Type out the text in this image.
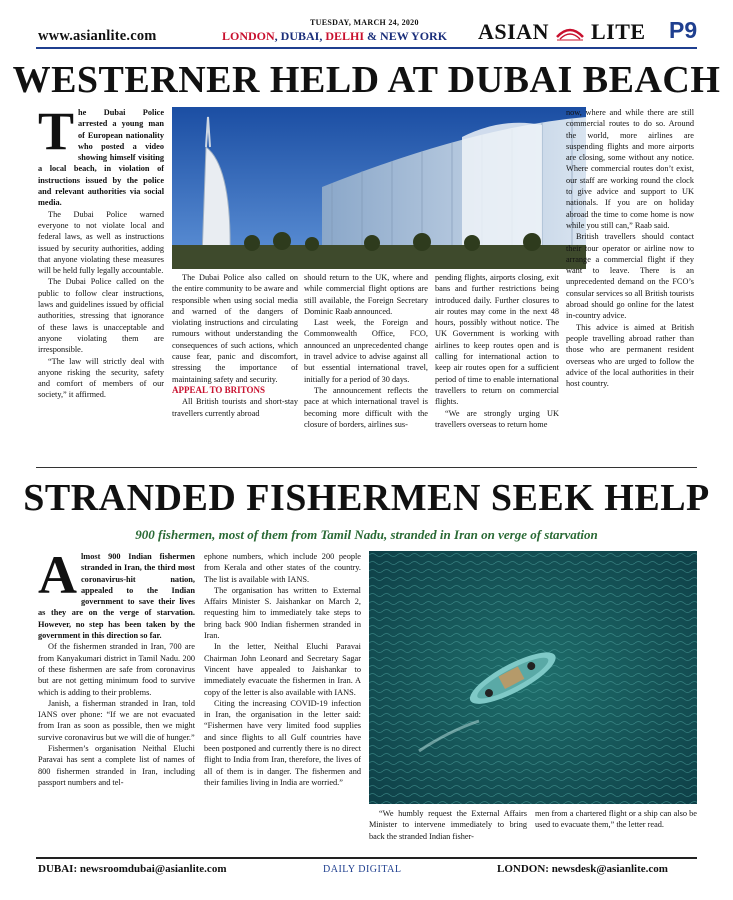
www.asianlite.com
TUESDAY, MARCH 24, 2020
LONDON, DUBAI, DELHI & NEW YORK ASIAN LITE P9
WESTERNER HELD AT DUBAI BEACH

The Dubai Police arrested a young man of European nationality who posted a video showing himself visiting a local beach, in violation of instructions issued by the police and relevant authorities via social media.

The Dubai Police warned everyone to not violate local and federal laws, as well as instructions issued by security authorities, adding that anyone violating these measures will be held fully legally accountable.

The Dubai Police called on the public to follow clear instructions, laws and guidelines issued by official authorities, stressing that ignorance of these laws is unacceptable and anyone violating them are irresponsible.

“The law will strictly deal with anyone risking the security, safety and comfort of members of our society,” it affirmed.

The Dubai Police also called on the entire community to be aware and responsible when using social media and warned of the dangers of violating instructions and circulating rumours without understanding the consequences of such actions, which cause fear, panic and discomfort, stressing the importance of maintaining safety and security.

APPEAL TO BRITONS

All British tourists and short-stay travellers currently abroad

should return to the UK, where and while commercial flight options are still available, the Foreign Secretary Dominic Raab announced.

Last week, the Foreign and Commonwealth Office, FCO, announced an unprecedented change in travel advice to advise against all but essential international travel, initially for a period of 30 days.

The announcement reflects the pace at which international travel is becoming more difficult with the closure of borders, airlines sus-

pending flights, airports closing, exit bans and further restrictions being introduced daily. Further closures to air routes may come in the next 48 hours, possibly without notice. The UK Government is working with airlines to keep routes open and is calling for international action to keep air routes open for a sufficient period of time to enable international travellers to return on commercial flights.

“We are strongly urging UK travellers overseas to return home

now, where and while there are still commercial routes to do so. Around the world, more airlines are suspending flights and more airports are closing, some without any notice. Where commercial routes don’t exist, our staff are working round the clock to give advice and support to UK nationals. If you are on holiday abroad the time to come home is now while you still can,” Raab said.

British travellers should contact their tour operator or airline now to arrange a commercial flight if they want to leave. There is an unprecedented demand on the FCO’s consular services so all British tourists abroad should go online for the latest in-country advice.

This advice is aimed at British people travelling abroad rather than those who are permanent resident overseas who are urged to follow the advice of the local authorities in their host country.

STRANDED FISHERMEN SEEK HELP
900 fishermen, most of them from Tamil Nadu, stranded in Iran on verge of starvation

Almost 900 Indian fishermen stranded in Iran, the third most coronavirus-hit nation, appealed to the Indian government to save their lives as they are on the verge of starvation. However, no step has been taken by the government in this direction so far.

Of the fishermen stranded in Iran, 700 are from Kanyakumari district in Tamil Nadu. 200 of these fishermen are safe from coronavirus but are not getting minimum food to survive which is adding to their problems.

Janish, a fisherman stranded in Iran, told IANS over phone: “If we are not evacuated from Iran as soon as possible, then we might survive coronavirus but we will die of hunger.”

Fishermen’s organisation Neithal Eluchi Paravai has sent a complete list of names of 800 fishermen stranded in Iran, including passport numbers and tel-

ephone numbers, which include 200 people from Kerala and other states of the country. The list is available with IANS.

The organisation has written to External Affairs Minister S. Jaishankar on March 2, requesting him to immediately take steps to bring back 900 Indian fishermen stranded in Iran.

In the letter, Neithal Eluchi Paravai Chairman John Leonard and Secretary Sagar Vincent have appealed to Jaishankar to immediately evacuate the fishermen in Iran. A copy of the letter is also available with IANS.

Citing the increasing COVID-19 infection in Iran, the organisation in the letter said: “Fishermen have very limited food supplies and since flights to all Gulf countries have been postponed and currently there is no direct flight to India from Iran, therefore, the lives of all of them is in danger. The fishermen and their families living in India are worried.”

“We humbly request the External Affairs Minister to intervene immediately to bring back the stranded Indian fisher-

men from a chartered flight or a ship can also be used to evacuate them,” the letter read.

DUBAI: newsroomdubai@asianlite.com	DAILY DIGITAL	LONDON: newsdesk@asianlite.com
